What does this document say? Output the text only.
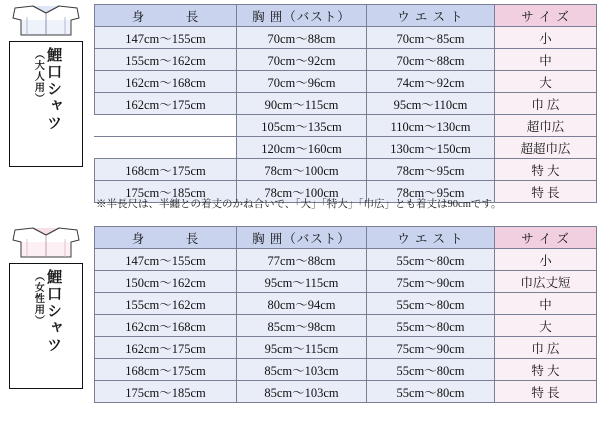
鯉口シャツ
（大人用）
身　　　長	胸 囲（バスト）	ウ エ ス ト	サ イ ズ
147cm〜155cm	70cm〜88cm	70cm〜85cm	小
155cm〜162cm	70cm〜92cm	70cm〜88cm	中
162cm〜168cm	70cm〜96cm	74cm〜92cm	大
162cm〜175cm	90cm〜115cm	95cm〜110cm	巾 広
	105cm〜135cm	110cm〜130cm	超巾広
	120cm〜160cm	130cm〜150cm	超超巾広
168cm〜175cm	78cm〜100cm	78cm〜95cm	特 大
175cm〜185cm	78cm〜100cm	78cm〜95cm	特 長
※半長尺は、半纏との着丈のかね合いで、「大」「特大」「巾広」とも着丈は90cmです。
鯉口シャツ
（女性用）
身　　　長	胸 囲（バスト）	ウ エ ス ト	サ イ ズ
147cm〜155cm	77cm〜88cm	55cm〜80cm	小
150cm〜162cm	95cm〜115cm	75cm〜90cm	巾広丈短
155cm〜162cm	80cm〜94cm	55cm〜80cm	中
162cm〜168cm	85cm〜98cm	55cm〜80cm	大
162cm〜175cm	95cm〜115cm	75cm〜90cm	巾 広
168cm〜175cm	85cm〜103cm	55cm〜80cm	特 大
175cm〜185cm	85cm〜103cm	55cm〜80cm	特 長
